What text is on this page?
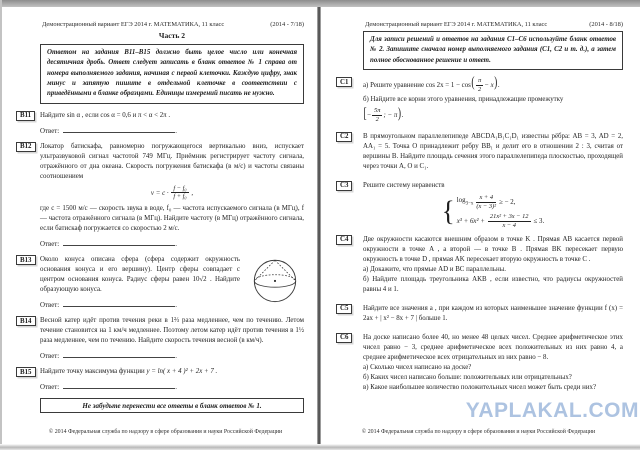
Демонстрационный вариант ЕГЭ 2014 г. МАТЕМАТИКА, 11 класс	(2014 - 7/18)
Часть 2
Ответом на задания В11–В15 должно быть целое число или конечная десятичная дробь. Ответ следует записать в бланк ответов № 1 справа от номера выполняемого задания, начиная с первой клеточки. Каждую цифру, знак минус и запятую пишите в отдельной клеточке в соответствии с приведёнными в бланке образцами. Единицы измерений писать не нужно.
В11	Найдите sin α , если cos α = 0,6 и π < α < 2π .
Ответ:	.
В12	Локатор батискафа, равномерно погружающегося вертикально вниз, испускает ультразвуковой сигнал частотой 749 МГц. Приёмник регистрирует частоту сигнала, отражённого от дна океана. Скорость погружения батискафа (в м/с) и частоты связаны соотношением
$v = c \cdot \frac{\text{f − f₀}}{\text{f + f₀}}$ ,
где c = 1500 м/с — скорость звука в воде, f₀ — частота испускаемого сигнала (в МГц), f — частота отражённого сигнала (в МГц). Найдите частоту (в МГц) отражённого сигнала, если батискаф погружается со скоростью 2 м/с.
Ответ:	.
В13	Около конуса описана сфера (сфера содержит окружность основания конуса и его вершину). Центр сферы совпадает с центром основания конуса. Радиус сферы равен 10√2 . Найдите образующую конуса.
Ответ:	.
В14	Весной катер идёт против течения реки в 1⅔ раза медленнее, чем по течению. Летом течение становится на 1 км/ч медленнее. Поэтому летом катер идёт против течения в 1½ раза медленнее, чем по течению. Найдите скорость течения весной (в км/ч).
Ответ:	.
В15	Найдите точку максимума функции y = ln( x + 4 )² + 2x + 7 .
Ответ:	.
Не забудьте перенести все ответы в бланк ответов № 1.
© 2014 Федеральная служба по надзору в сфере образования и науки Российской Федерации
Демонстрационный вариант ЕГЭ 2014 г. МАТЕМАТИКА, 11 класс	(2014 - 8/18)
Для записи решений и ответов на задания С1–С6 используйте бланк ответов № 2. Запишите сначала номер выполняемого задания (С1, С2 и т. д.), а затем полное обоснованное решение и ответ.
С1	а) Решите уравнение $\cos 2x = 1 - \cos( \frac{\pi}{2} - x)$.
б) Найдите все корни этого уравнения, принадлежащие промежутку
[− $\frac{5\pi}{2}$ ; − π).
С2	В прямоугольном параллелепипеде ABCDA₁B₁C₁D₁ известны рёбра: AB = 3, AD = 2, AA₁ = 5. Точка O принадлежит ребру BB₁ и делит его в отношении 2 : 3, считая от вершины B. Найдите площадь сечения этого параллелепипеда плоскостью, проходящей через точки A, O и C₁.
С3	Решите систему неравенств
{ $\log_{3-x} \frac{x + 4}{\text{(x − 3)²}}$ ≥ − 2,
$x^3 + 6x^2 + \frac{\text{21x² + 3x − 12}}{x - 4} \le 3$.
С4	Две окружности касаются внешним образом в точке K . Прямая AB касается первой окружности в точке A , а второй — в точке B . Прямая BK пересекает первую окружность в точке D , прямая AK пересекает вторую окружность в точке C .
а) Докажите, что прямые AD и BC параллельны.
б) Найдите площадь треугольника AKB , если известно, что радиусы окружностей равны 4 и 1.
С5	Найдите все значения a , при каждом из которых наименьшее значение функции f (x) = 2ax + | x² − 8x + 7 | больше 1.
С6	На доске написано более 40, но менее 48 целых чисел. Среднее арифметическое этих чисел равно − 3, среднее арифметическое всех положительных из них равно 4, а среднее арифметическое всех отрицательных из них равно − 8.
а) Сколько чисел написано на доске?
б) Каких чисел написано больше: положительных или отрицательных?
в) Какое наибольшее количество положительных чисел может быть среди них?
© 2014 Федеральная служба по надзору в сфере образования и науки Российской Федерации
YAPLAKAL.COM
